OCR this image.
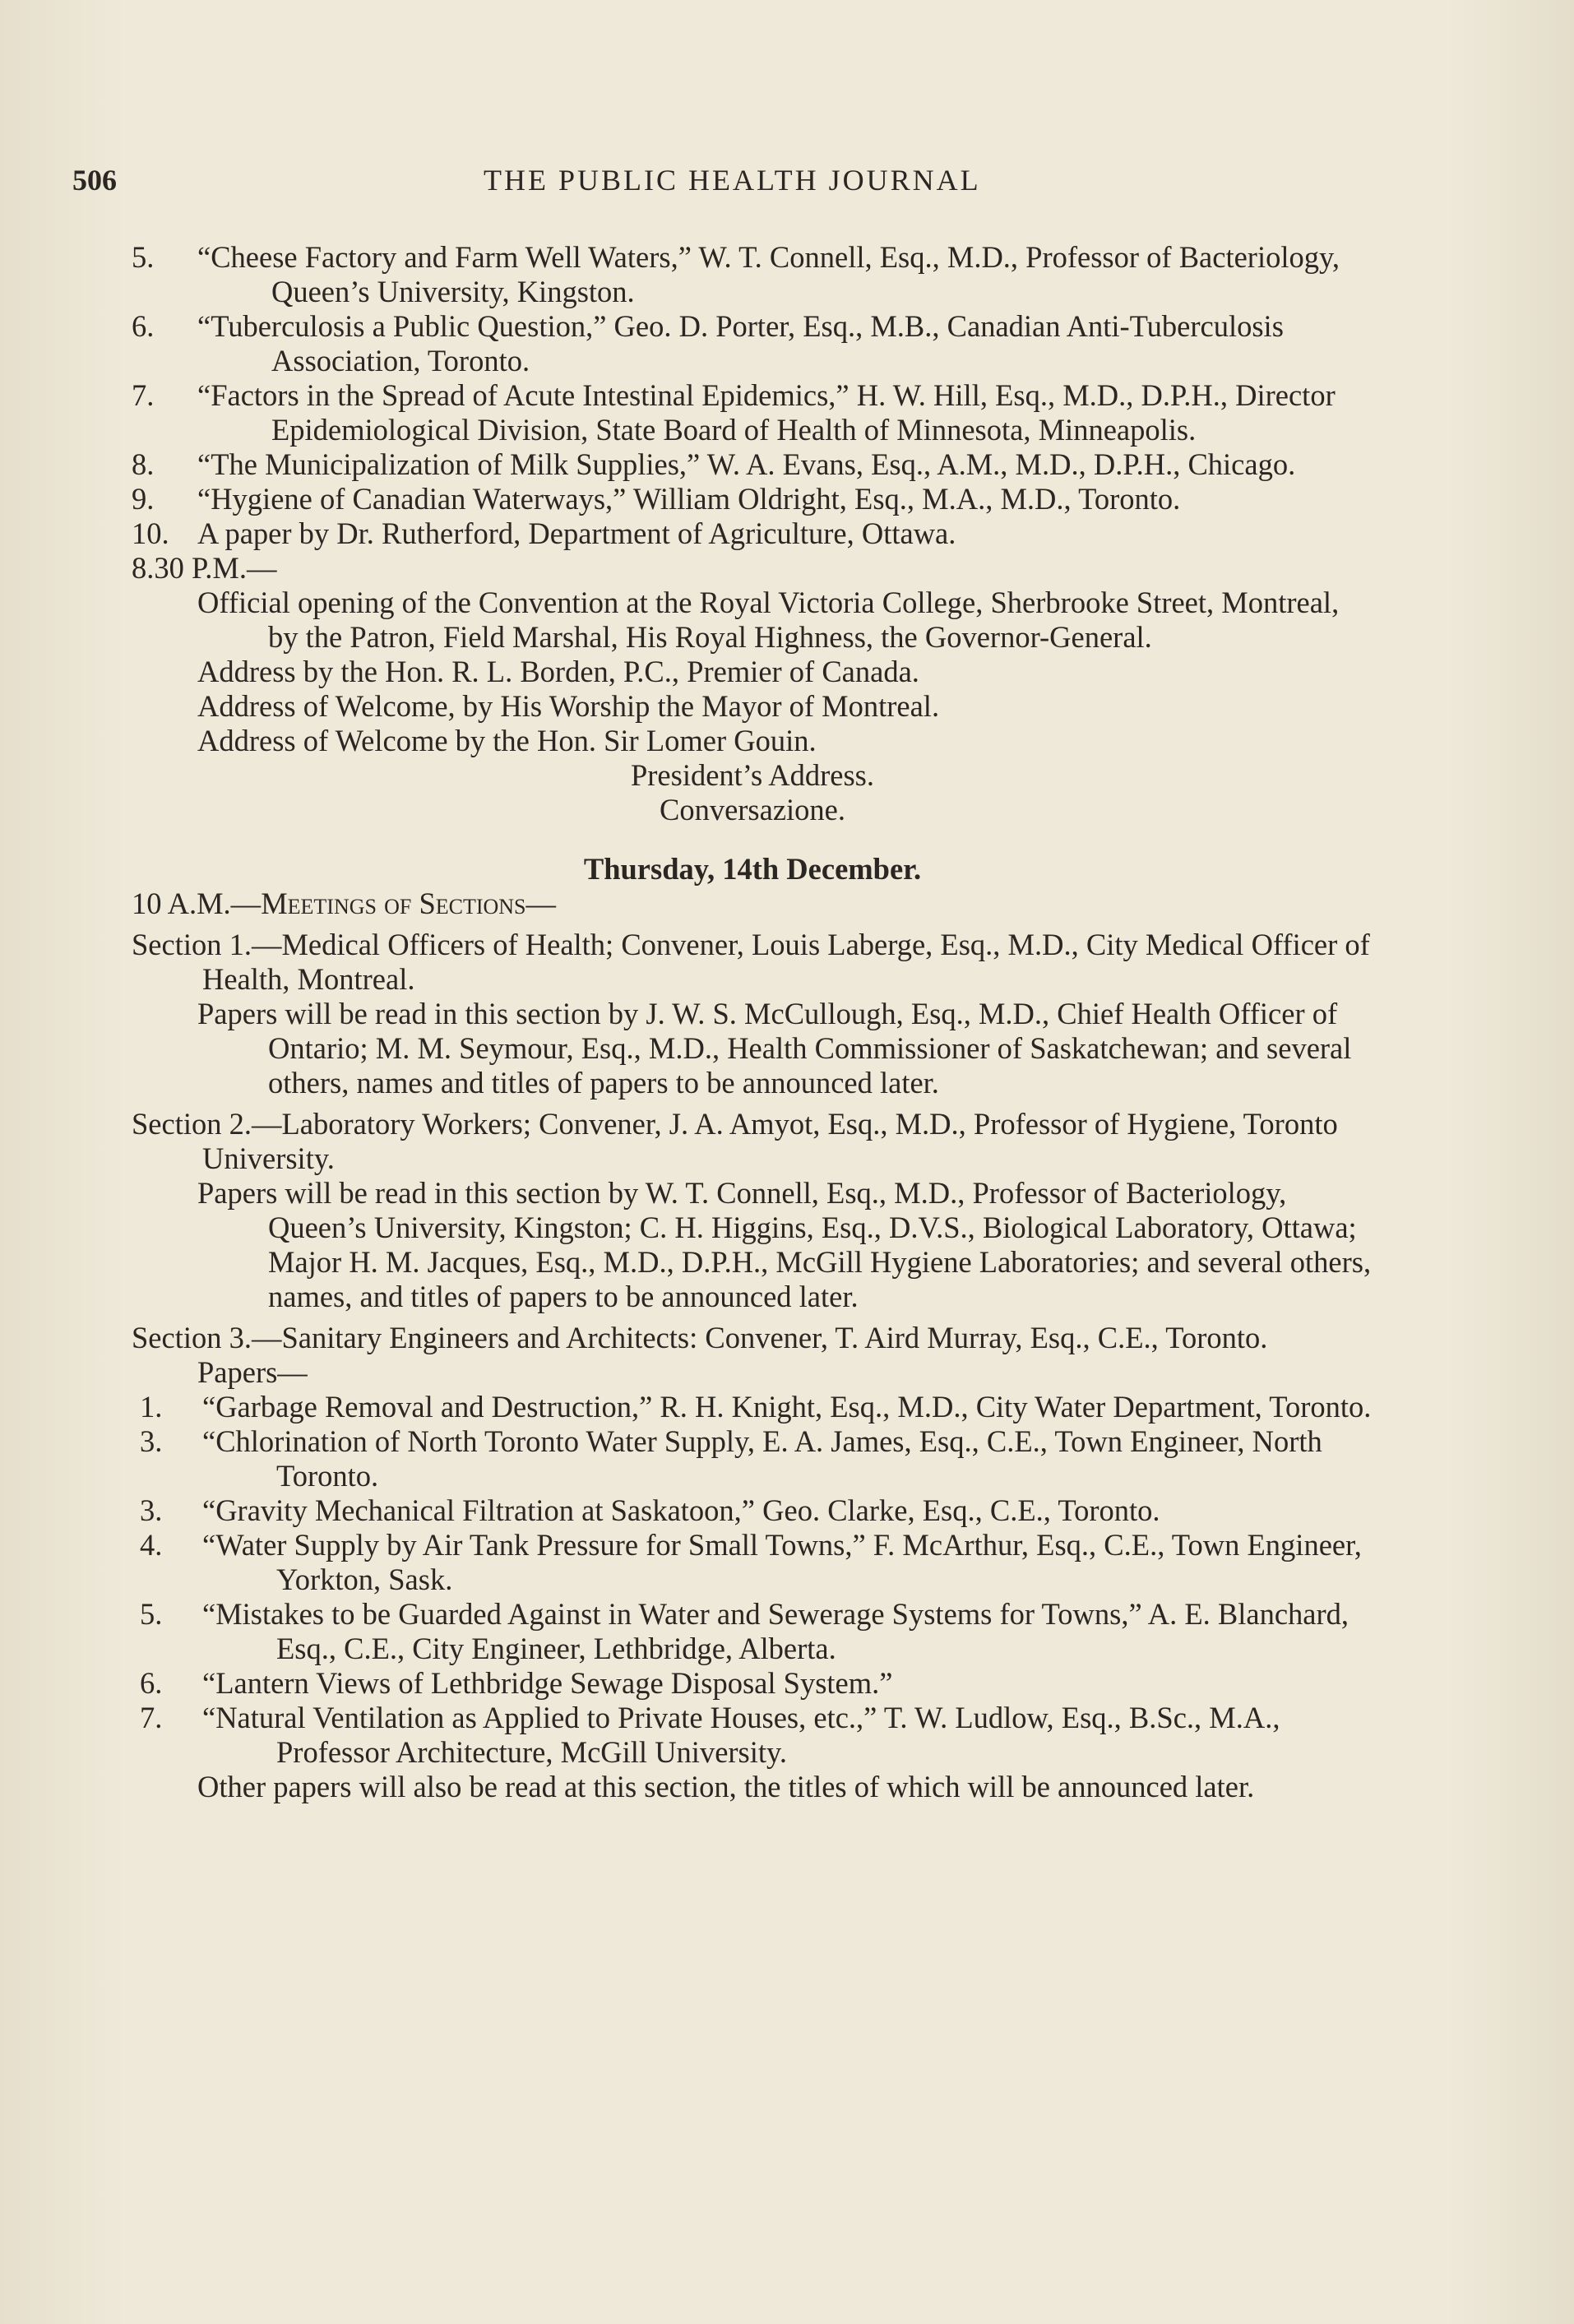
506	THE PUBLIC HEALTH JOURNAL
5.	“Cheese Factory and Farm Well Waters,” W. T. Connell, Esq., M.D., Professor of Bacteriology, Queen’s University, Kingston.
6.	“Tuberculosis a Public Question,” Geo. D. Porter, Esq., M.B., Canadian Anti-Tuberculosis Association, Toronto.
7.	“Factors in the Spread of Acute Intestinal Epidemics,” H. W. Hill, Esq., M.D., D.P.H., Director Epidemiological Division, State Board of Health of Minnesota, Minneapolis.
8.	“The Municipalization of Milk Supplies,” W. A. Evans, Esq., A.M., M.D., D.P.H., Chicago.
9.	“Hygiene of Canadian Waterways,” William Oldright, Esq., M.A., M.D., Toronto.
10. A paper by Dr. Rutherford, Department of Agriculture, Ottawa.
8.30 P.M.—
Official opening of the Convention at the Royal Victoria College, Sherbrooke Street, Montreal, by the Patron, Field Marshal, His Royal Highness, the Governor-General.
Address by the Hon. R. L. Borden, P.C., Premier of Canada.
Address of Welcome, by His Worship the Mayor of Montreal.
Address of Welcome by the Hon. Sir Lomer Gouin.
President’s Address.
Conversazione.
Thursday, 14th December.
10 A.M.—Meetings of Sections—
Section 1.—Medical Officers of Health; Convener, Louis Laberge, Esq., M.D., City Medical Officer of Health, Montreal.
Papers will be read in this section by J. W. S. McCullough, Esq., M.D., Chief Health Officer of Ontario; M. M. Seymour, Esq., M.D., Health Commissioner of Saskatchewan; and several others, names and titles of papers to be announced later.
Section 2.—Laboratory Workers; Convener, J. A. Amyot, Esq., M.D., Professor of Hygiene, Toronto University.
Papers will be read in this section by W. T. Connell, Esq., M.D., Professor of Bacteriology, Queen’s University, Kingston; C. H. Higgins, Esq., D.V.S., Biological Laboratory, Ottawa; Major H. M. Jacques, Esq., M.D., D.P.H., McGill Hygiene Laboratories; and several others, names, and titles of papers to be announced later.
Section 3.—Sanitary Engineers and Architects: Convener, T. Aird Murray, Esq., C.E., Toronto.
Papers—
1. “Garbage Removal and Destruction,” R. H. Knight, Esq., M.D., City Water Department, Toronto.
3. “Chlorination of North Toronto Water Supply, E. A. James, Esq., C.E., Town Engineer, North Toronto.
3. “Gravity Mechanical Filtration at Saskatoon,” Geo. Clarke, Esq., C.E., Toronto.
4. “Water Supply by Air Tank Pressure for Small Towns,” F. McArthur, Esq., C.E., Town Engineer, Yorkton, Sask.
5. “Mistakes to be Guarded Against in Water and Sewerage Systems for Towns,” A. E. Blanchard, Esq., C.E., City Engineer, Lethbridge, Alberta.
6. “Lantern Views of Lethbridge Sewage Disposal System.”
7. “Natural Ventilation as Applied to Private Houses, etc.,” T. W. Ludlow, Esq., B.Sc., M.A., Professor Architecture, McGill University.
Other papers will also be read at this section, the titles of which will be announced later.
